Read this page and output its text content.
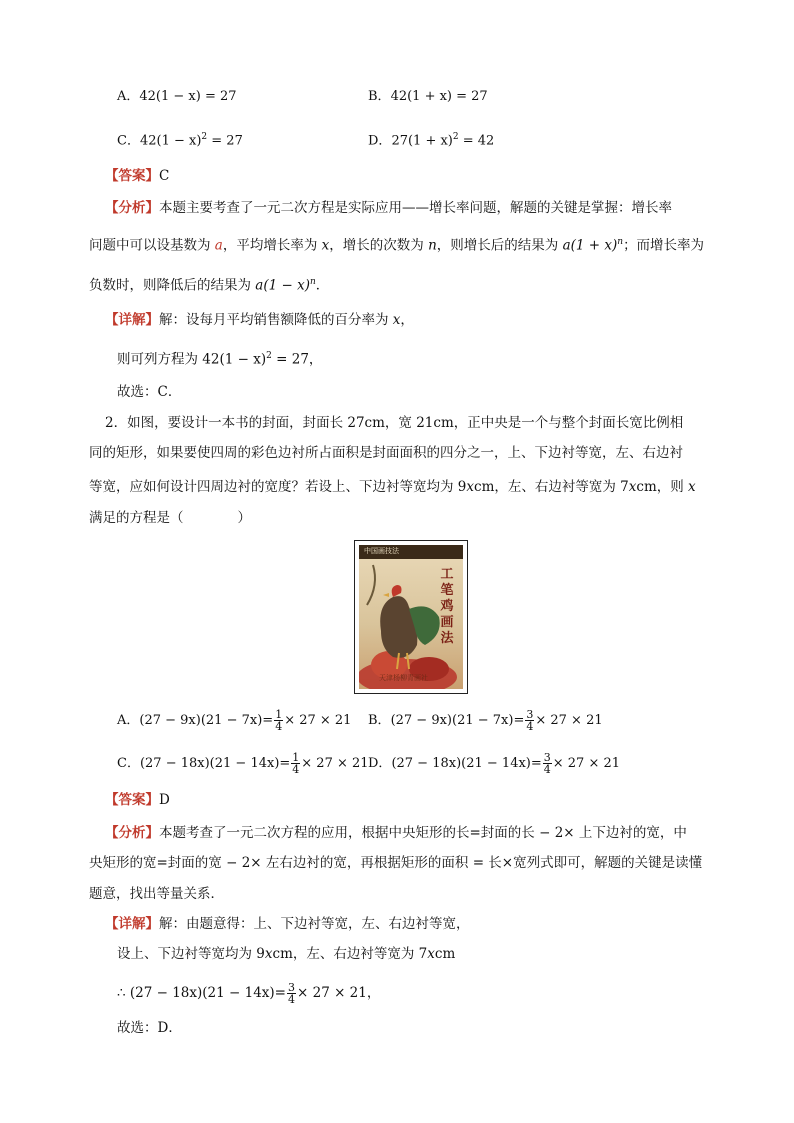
A．42(1 − x) = 27	B．42(1 + x) = 27
C．$42(1 - x)^2 = 27$	D．$27(1 + x)^2 = 42$
【答案】C
【分析】本题主要考查了一元二次方程是实际应用——增长率问题，解题的关键是掌握：增长率
问题中可以设基数为 a，平均增长率为 x，增长的次数为 n，则增长后的结果为 $a(1 + x)^n$；而增长率为
负数时，则降低后的结果为 $a(1 - x)^n$．
【详解】解：设每月平均销售额降低的百分率为 x，
则可列方程为 $42(1 - x)^2 = 27$，
故选：C．
2．如图，要设计一本书的封面，封面长 27cm，宽 21cm，正中央是一个与整个封面长宽比例相
同的矩形，如果要使四周的彩色边衬所占面积是封面面积的四分之一，上、下边衬等宽，左、右边衬
等宽，应如何设计四周边衬的宽度？若设上、下边衬等宽均为 9xcm，左、右边衬等宽为 7xcm，则 x
满足的方程是（　　　　）
中国画技法
工笔鸡画法
天津杨柳青画社
A．$(27 - 9x)(21 - 7x)= \frac{1}{4} \times 27 \times 21$ B．$(27 - 9x)(21 - 7x)= \frac{3}{4} \times 27 \times 21$
C．$(27 - 18x)(21 - 14x)= \frac{1}{4} \times 27 \times 21$ D．$(27 - 18x)(21 - 14x)= \frac{3}{4} \times 27 \times 21$
【答案】D
【分析】本题考查了一元二次方程的应用，根据中央矩形的长=封面的长 − 2× 上下边衬的宽，中
央矩形的宽=封面的宽 − 2× 左右边衬的宽，再根据矩形的面积 = 长×宽列式即可，解题的关键是读懂
题意，找出等量关系．
【详解】解：由题意得：上、下边衬等宽，左、右边衬等宽，
设上、下边衬等宽均为 9xcm，左、右边衬等宽为 7xcm
∴ $(27 - 18x)(21 - 14x)= \frac{3}{4} \times 27 \times 21$，
故选：D．
